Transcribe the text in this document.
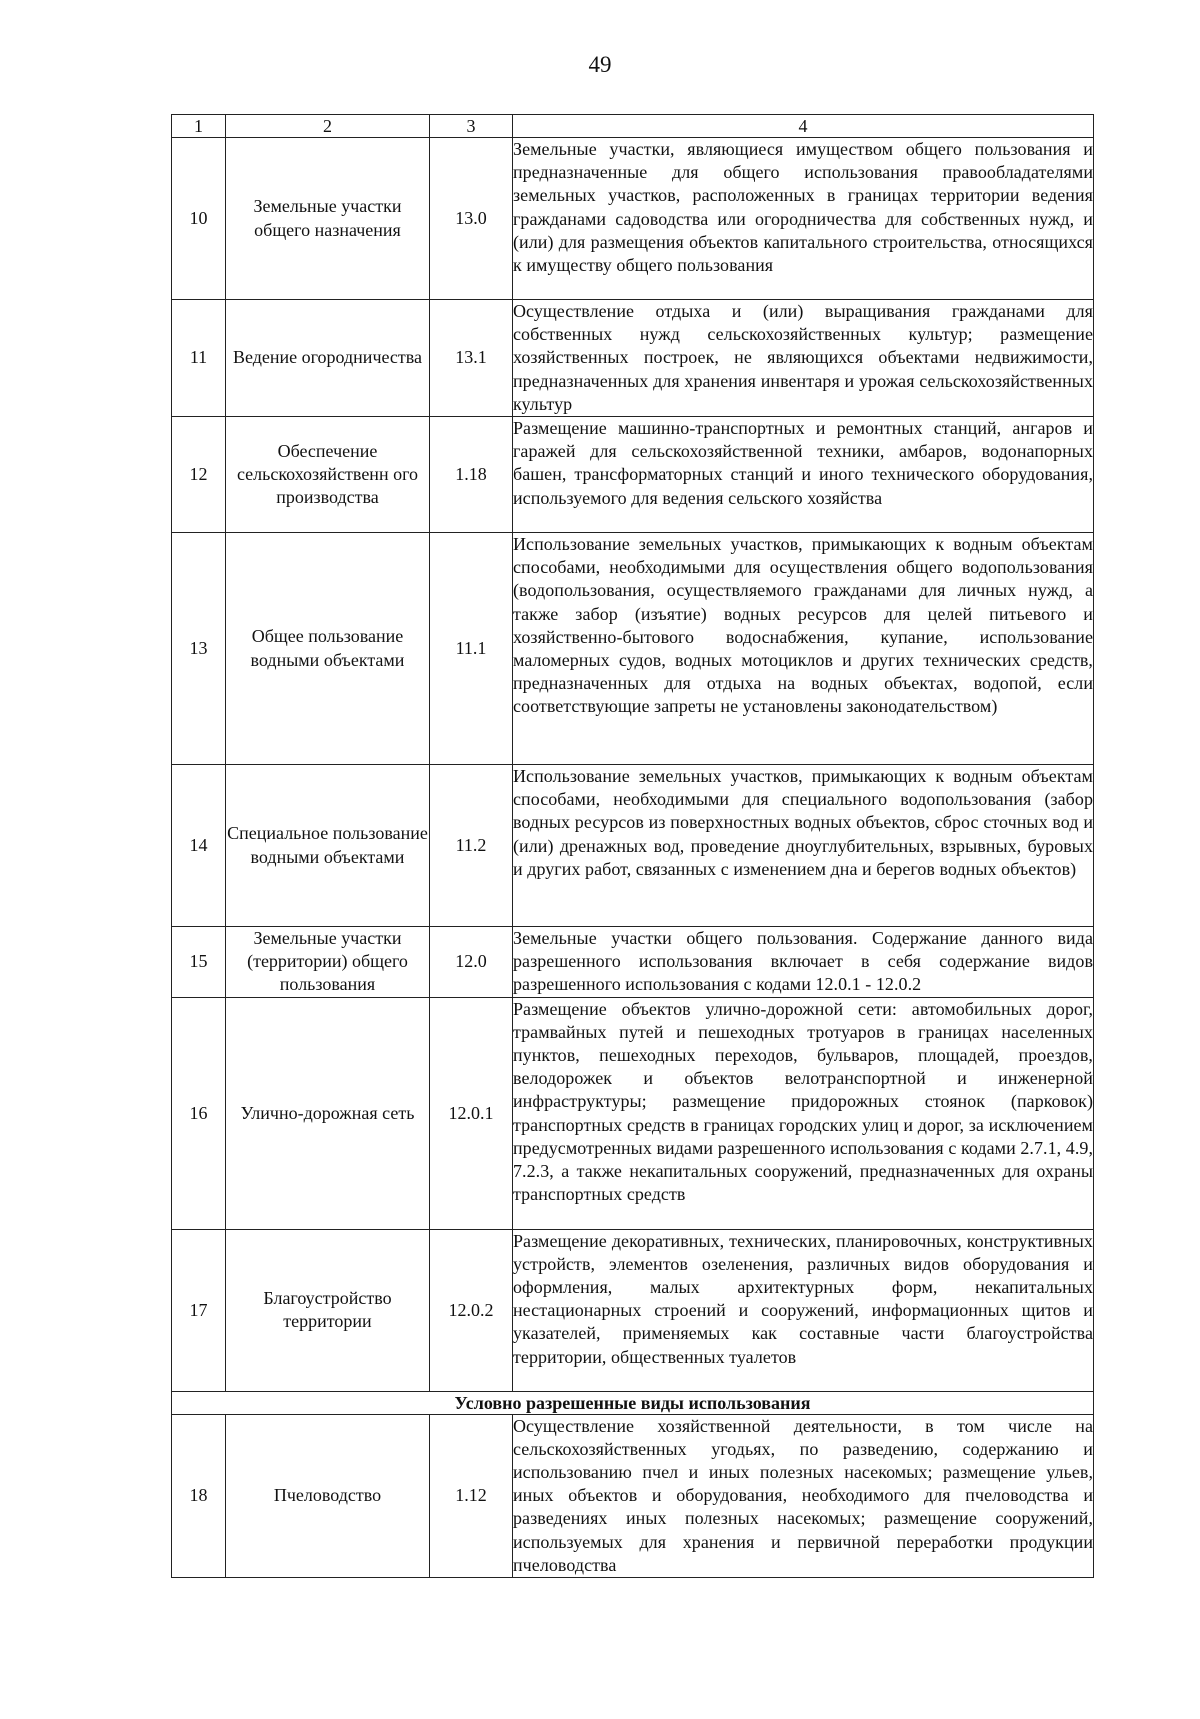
49
1	2	3	4
10	Земельные участки общего назначения	13.0	Земельные участки, являющиеся имуществом общего пользования и предназначенные для общего использования правообладателями земельных участков, расположенных в границах территории ведения гражданами садоводства или огородничества для собственных нужд, и (или) для размещения объектов капитального строительства, относящихся к имуществу общего пользования
11	Ведение огородничества	13.1	Осуществление отдыха и (или) выращивания гражданами для собственных нужд сельскохозяйственных культур; размещение хозяйственных построек, не являющихся объектами недвижимости, предназначенных для хранения инвентаря и урожая сельскохозяйственных культур
12	Обеспечение сельскохозяйственн ого производства	1.18	Размещение машинно-транспортных и ремонтных станций, ангаров и гаражей для сельскохозяйственной техники, амбаров, водонапорных башен, трансформаторных станций и иного технического оборудования, используемого для ведения сельского хозяйства
13	Общее пользование водными объектами	11.1	Использование земельных участков, примыкающих к водным объектам способами, необходимыми для осуществления общего водопользования (водопользования, осуществляемого гражданами для личных нужд, а также забор (изъятие) водных ресурсов для целей питьевого и хозяйственно-бытового водоснабжения, купание, использование маломерных судов, водных мотоциклов и других технических средств, предназначенных для отдыха на водных объектах, водопой, если соответствующие запреты не установлены законодательством)
14	Специальное пользование водными объектами	11.2	Использование земельных участков, примыкающих к водным объектам способами, необходимыми для специального водопользования (забор водных ресурсов из поверхностных водных объектов, сброс сточных вод и (или) дренажных вод, проведение дноуглубительных, взрывных, буровых и других работ, связанных с изменением дна и берегов водных объектов)
15	Земельные участки (территории) общего пользования	12.0	Земельные участки общего пользования. Содержание данного вида разрешенного использования включает в себя содержание видов разрешенного использования с кодами 12.0.1 - 12.0.2
16	Улично-дорожная сеть	12.0.1	Размещение объектов улично-дорожной сети: автомобильных дорог, трамвайных путей и пешеходных тротуаров в границах населенных пунктов, пешеходных переходов, бульваров, площадей, проездов, велодорожек и объектов велотранспортной и инженерной инфраструктуры; размещение придорожных стоянок (парковок) транспортных средств в границах городских улиц и дорог, за исключением предусмотренных видами разрешенного использования с кодами 2.7.1, 4.9, 7.2.3, а также некапитальных сооружений, предназначенных для охраны транспортных средств
17	Благоустройство территории	12.0.2	Размещение декоративных, технических, планировочных, конструктивных устройств, элементов озеленения, различных видов оборудования и оформления, малых архитектурных форм, некапитальных нестационарных строений и сооружений, информационных щитов и указателей, применяемых как составные части благоустройства территории, общественных туалетов
Условно разрешенные виды использования			
18	Пчеловодство	1.12	Осуществление хозяйственной деятельности, в том числе на сельскохозяйственных угодьях, по разведению, содержанию и использованию пчел и иных полезных насекомых; размещение ульев, иных объектов и оборудования, необходимого для пчеловодства и разведениях иных полезных насекомых; размещение сооружений, используемых для хранения и первичной переработки продукции пчеловодства
